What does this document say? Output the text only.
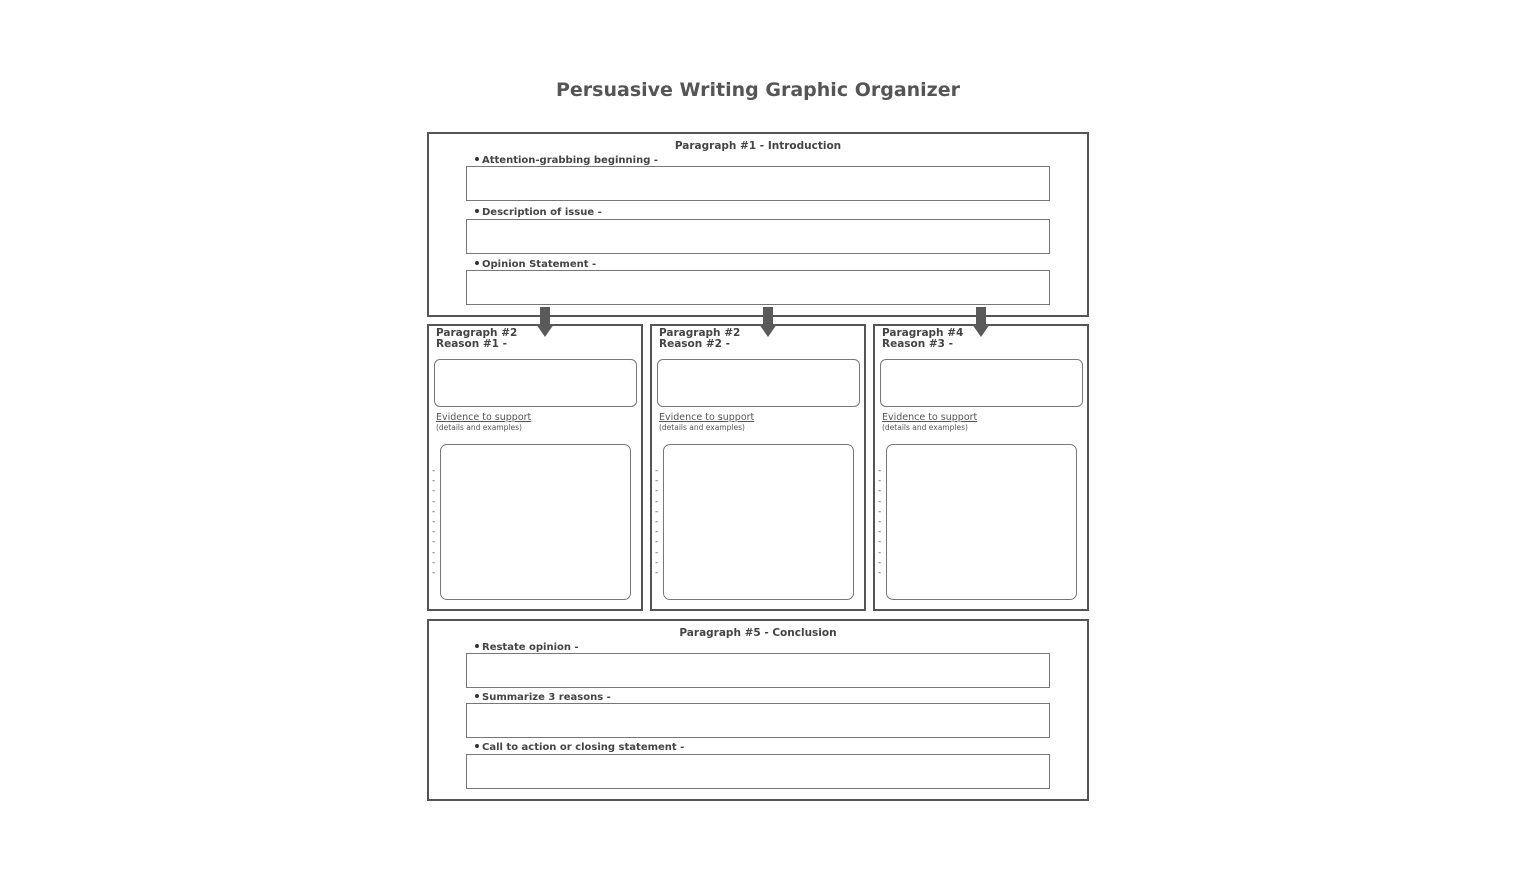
Persuasive Writing Graphic Organizer
Paragraph #1 - Introduction
Attention-grabbing beginning -
Description of issue -
Opinion Statement -
Paragraph #2
Reason #1 -
Evidence to support
(details and examples)
-
-
-
-
-
-
-
-
-
-
-
Paragraph #2
Reason #2 -
Evidence to support
(details and examples)
-
-
-
-
-
-
-
-
-
-
-
Paragraph #4
Reason #3 -
Evidence to support
(details and examples)
-
-
-
-
-
-
-
-
-
-
-
Paragraph #5 - Conclusion
Restate opinion -
Summarize 3 reasons -
Call to action or closing statement -
